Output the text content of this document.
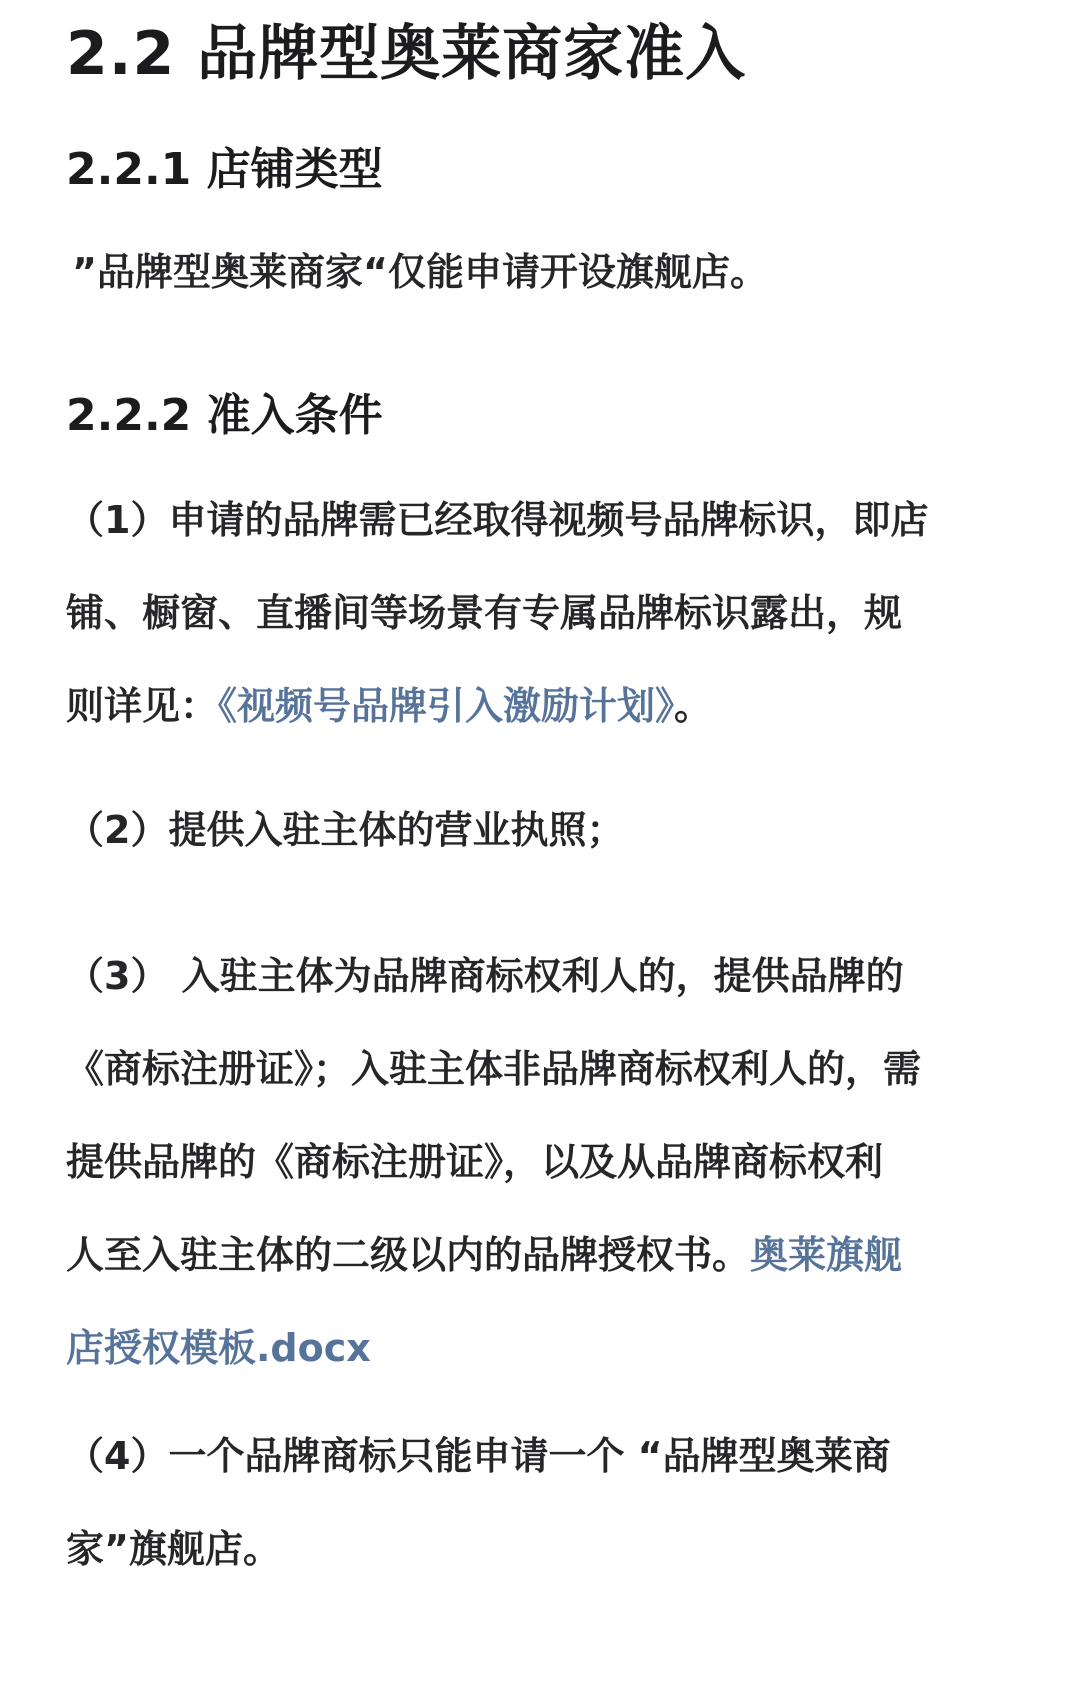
2.2 品牌型奥莱商家准入
2.2.1 店铺类型
”品牌型奥莱商家“仅能申请开设旗舰店。
2.2.2 准入条件
（1）申请的品牌需已经取得视频号品牌标识，即店
铺、橱窗、直播间等场景有专属品牌标识露出，规
则详见：《视频号品牌引入激励计划》。
（2）提供入驻主体的营业执照；
（3） 入驻主体为品牌商标权利人的，提供品牌的
《商标注册证》；入驻主体非品牌商标权利人的，需
提供品牌的《商标注册证》，以及从品牌商标权利
人至入驻主体的二级以内的品牌授权书。奥莱旗舰
店授权模板.docx
（4）一个品牌商标只能申请一个 “品牌型奥莱商
家”旗舰店。
